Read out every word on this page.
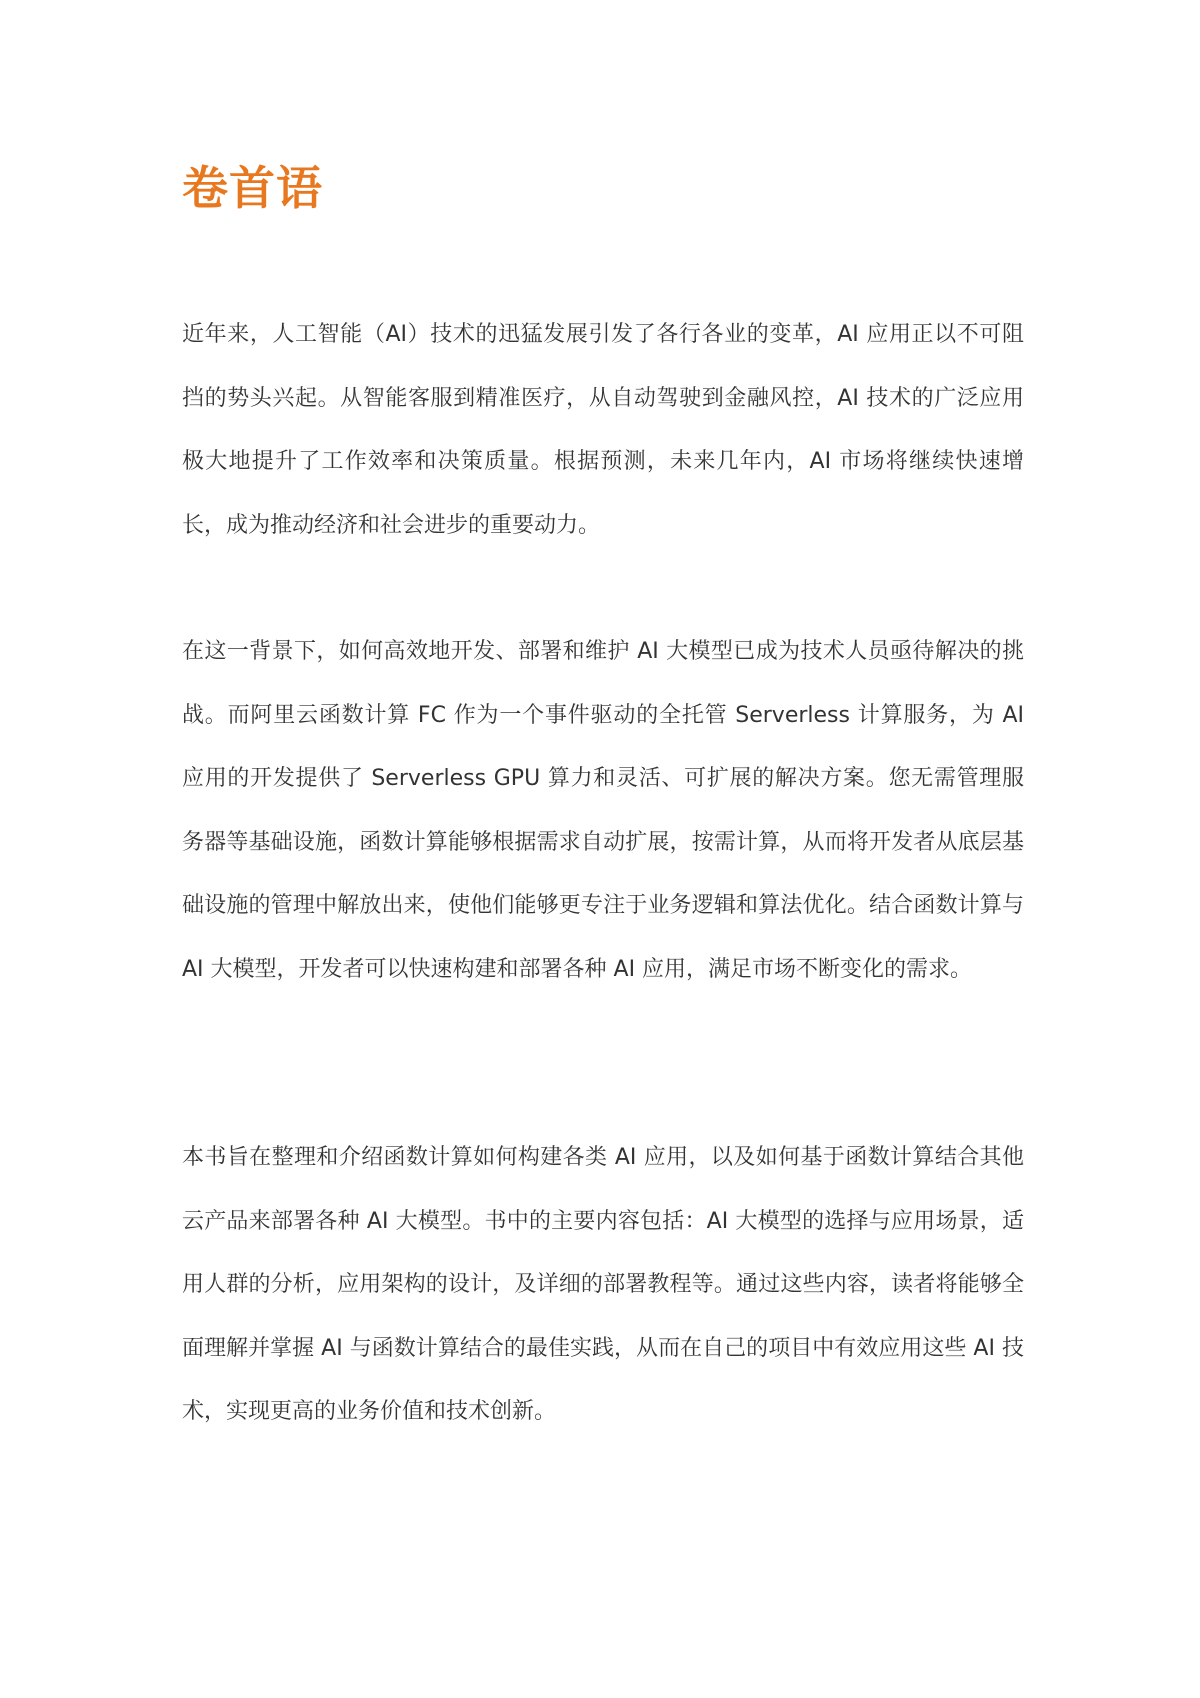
卷首语

近年来，人工智能（AI）技术的迅猛发展引发了各行各业的变革，AI 应用正以不可阻挡的势头兴起。从智能客服到精准医疗，从自动驾驶到金融风控，AI 技术的广泛应用极大地提升了工作效率和决策质量。根据预测，未来几年内，AI 市场将继续快速增长，成为推动经济和社会进步的重要动力。

在这一背景下，如何高效地开发、部署和维护 AI 大模型已成为技术人员亟待解决的挑战。而阿里云函数计算 FC 作为一个事件驱动的全托管 Serverless 计算服务，为 AI 应用的开发提供了 Serverless GPU 算力和灵活、可扩展的解决方案。您无需管理服务器等基础设施，函数计算能够根据需求自动扩展，按需计算，从而将开发者从底层基础设施的管理中解放出来，使他们能够更专注于业务逻辑和算法优化。结合函数计算与 AI 大模型，开发者可以快速构建和部署各种 AI 应用，满足市场不断变化的需求。

本书旨在整理和介绍函数计算如何构建各类 AI 应用，以及如何基于函数计算结合其他云产品来部署各种 AI 大模型。书中的主要内容包括：AI 大模型的选择与应用场景，适用人群的分析，应用架构的设计，及详细的部署教程等。通过这些内容，读者将能够全面理解并掌握 AI 与函数计算结合的最佳实践，从而在自己的项目中有效应用这些 AI 技术，实现更高的业务价值和技术创新。
